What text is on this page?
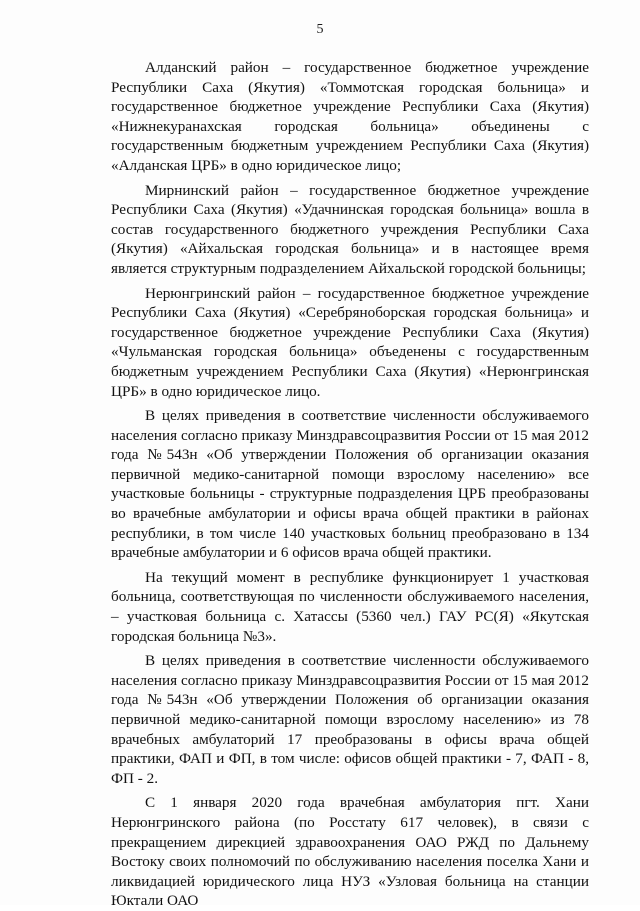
5

Алданский район – государственное бюджетное учреждение Республики Саха (Якутия) «Томмотская городская больница» и государственное бюджетное учреждение Республики Саха (Якутия) «Нижнекуранахская городская больница» объединены с государственным бюджетным учреждением Республики Саха (Якутия) «Алданская ЦРБ» в одно юридическое лицо;

Мирнинский район – государственное бюджетное учреждение Республики Саха (Якутия) «Удачнинская городская больница» вошла в состав государственного бюджетного учреждения Республики Саха (Якутия) «Айхальская городская больница» и в настоящее время является структурным подразделением Айхальской городской больницы;

Нерюнгринский район – государственное бюджетное учреждение Республики Саха (Якутия) «Серебряноборская городская больница» и государственное бюджетное учреждение Республики Саха (Якутия) «Чульманская городская больница» объеденены с государственным бюджетным учреждением Республики Саха (Якутия) «Нерюнгринская ЦРБ» в одно юридическое лицо.

В целях приведения в соответствие численности обслуживаемого населения согласно приказу Минздравсоцразвития России от 15 мая 2012 года №543н «Об утверждении Положения об организации оказания первичной медико-санитарной помощи взрослому населению» все участковые больницы - структурные подразделения ЦРБ преобразованы во врачебные амбулатории и офисы врача общей практики в районах республики, в том числе 140 участковых больниц преобразовано в 134 врачебные амбулатории и 6 офисов врача общей практики.

На текущий момент в республике функционирует 1 участковая больница, соответствующая по численности обслуживаемого населения, – участковая больница с. Хатассы (5360 чел.) ГАУ РС(Я) «Якутская городская больница №3».

В целях приведения в соответствие численности обслуживаемого населения согласно приказу Минздравсоцразвития России от 15 мая 2012 года №543н «Об утверждении Положения об организации оказания первичной медико-санитарной помощи взрослому населению» из 78 врачебных амбулаторий 17 преобразованы в офисы врача общей практики, ФАП и ФП, в том числе: офисов общей практики - 7, ФАП - 8, ФП - 2.

С 1 января 2020 года врачебная амбулатория пгт. Хани Нерюнгринского района (по Росстату 617 человек), в связи с прекращением дирекцией здравоохранения ОАО РЖД по Дальнему Востоку своих полномочий по обслуживанию населения поселка Хани и ликвидацией юридического лица НУЗ «Узловая больница на станции Юктали ОАО
